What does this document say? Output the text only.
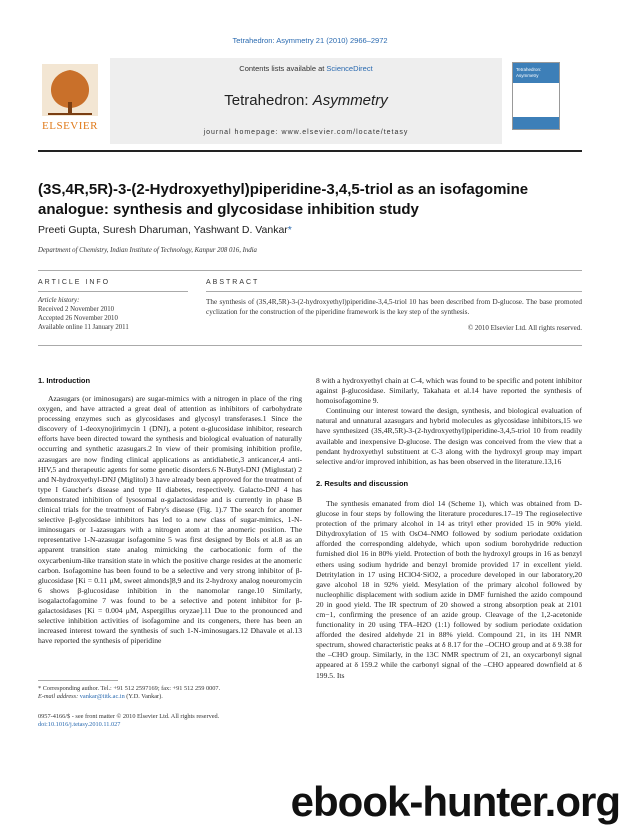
Tetrahedron: Asymmetry 21 (2010) 2966–2972
Contents lists available at ScienceDirect
Tetrahedron: Asymmetry
journal homepage: www.elsevier.com/locate/tetasy
ELSEVIER
Tetrahedron: Asymmetry
(3S,4R,5R)-3-(2-Hydroxyethyl)piperidine-3,4,5-triol as an isofagomine analogue: synthesis and glycosidase inhibition study
Preeti Gupta, Suresh Dharuman, Yashwant D. Vankar*
Department of Chemistry, Indian Institute of Technology, Kanpur 208 016, India
ARTICLE INFO
Article history:
Received 2 November 2010
Accepted 26 November 2010
Available online 11 January 2011
ABSTRACT
The synthesis of (3S,4R,5R)-3-(2-hydroxyethyl)piperidine-3,4,5-triol 10 has been described from D-glucose. The base promoted cyclization for the construction of the piperidine framework is the key step of the synthesis.
© 2010 Elsevier Ltd. All rights reserved.
1. Introduction

Azasugars (or iminosugars) are sugar-mimics with a nitrogen in place of the ring oxygen, and have attracted a great deal of attention as inhibitors of carbohydrate processing enzymes such as glycosidases and glycosyl transferases.1 Since the discovery of 1-deoxynojirimycin 1 (DNJ), a potent α-glucosidase inhibitor, research efforts have been directed toward the synthesis and biological evaluation of naturally occurring and synthetic azasugars.2 In view of their promising inhibition profile, azasugars are now finding clinical applications as antidiabetic,3 anticancer,4 anti-HIV,5 and therapeutic agents for some genetic disorders.6 N-Butyl-DNJ (Miglustat) 2 and N-hydroxyethyl-DNJ (Miglitol) 3 have already been approved for the treatment of type I Gaucher's disease and type II diabetes, respectively. Galacto-DNJ 4 has demonstrated inhibition of lysosomal α-galactosidase and is currently in phase B clinical trials for the treatment of Fabry's disease (Fig. 1).7 The search for anomer selective β-glycosidase inhibitors has led to a new class of sugar-mimics, 1-N-iminosugars or 1-azasugars with a nitrogen atom at the anomeric position. The representative 1-N-azasugar isofagomine 5 was first designed by Bols et al.8 as an apparent transition state analog mimicking the carbocationic form of the oxycarbenium-like transition state in which the positive charge resides at the anomeric carbon. Isofagomine has been found to be a selective and very strong inhibitor of β-glucosidase [Ki = 0.11 μM, sweet almonds]8,9 and its 2-hydroxy analog noeuromycin 6 shows β-glucosidase inhibition in the nanomolar range.10 Similarly, isogalactofagomine 7 was found to be a selective and potent inhibitor for β-galactosidases [Ki = 0.004 μM, Aspergillus oryzae].11 Due to the pronounced and selective inhibition activities of isofagomine and its congeners, there has been an increased interest toward the synthesis of such 1-N-iminosugars.12 Dhavale et al.13 have reported the synthesis of piperidine

8 with a hydroxyethyl chain at C-4, which was found to be specific and potent inhibitor against β-glucosidase. Similarly, Takahata et al.14 have reported the synthesis of homoisofagomine 9.

Continuing our interest toward the design, synthesis, and biological evaluation of natural and unnatural azasugars and hybrid molecules as glycosidase inhibitors,15 we have synthesized (3S,4R,5R)-3-(2-hydroxyethyl)piperidine-3,4,5-triol 10 from readily available and inexpensive D-glucose. The design was conceived from the view that a pendant hydroxyethyl substituent at C-3 along with the hydroxyl group may impart selective and/or improved inhibition, as has been observed in the literature.13,16

2. Results and discussion

The synthesis emanated from diol 14 (Scheme 1), which was obtained from D-glucose in four steps by following the literature procedures.17–19 The regioselective protection of the primary alcohol in 14 as trityl ether provided 15 in 90% yield. Dihydroxylation of 15 with OsO4–NMO followed by sodium periodate oxidation afforded the corresponding aldehyde, which upon sodium borohydride reduction furnished diol 16 in 80% yield. Protection of both the hydroxyl groups in 16 as benzyl ethers using sodium hydride and benzyl bromide provided 17 in excellent yield. Detritylation in 17 using HClO4·SiO2, a procedure developed in our laboratory,20 gave alcohol 18 in 92% yield. Mesylation of the primary alcohol followed by nucleophilic displacement with sodium azide in DMF furnished the azido compound 20 in good yield. The IR spectrum of 20 showed a strong absorption peak at 2101 cm−1, confirming the presence of an azide group. Cleavage of the 1,2-acetonide functionality in 20 using TFA–H2O (1:1) followed by sodium periodate oxidation afforded the desired aldehyde 21 in 88% yield. Compound 21, in its 1H NMR spectrum, showed characteristic peaks at δ 8.17 for the –OCHO group and at δ 9.38 for the –CHO group. Similarly, in the 13C NMR spectrum of 21, an oxycarbonyl signal appeared at δ 159.2 while the carbonyl signal of the –CHO appeared downfield at δ 199.5. Its

* Corresponding author. Tel.: +91 512 2597169; fax: +91 512 259 0007.
E-mail address: vankar@iitk.ac.in (Y.D. Vankar).
0957-4166/$ - see front matter © 2010 Elsevier Ltd. All rights reserved.
doi:10.1016/j.tetasy.2010.11.027
ebook-hunter.org
